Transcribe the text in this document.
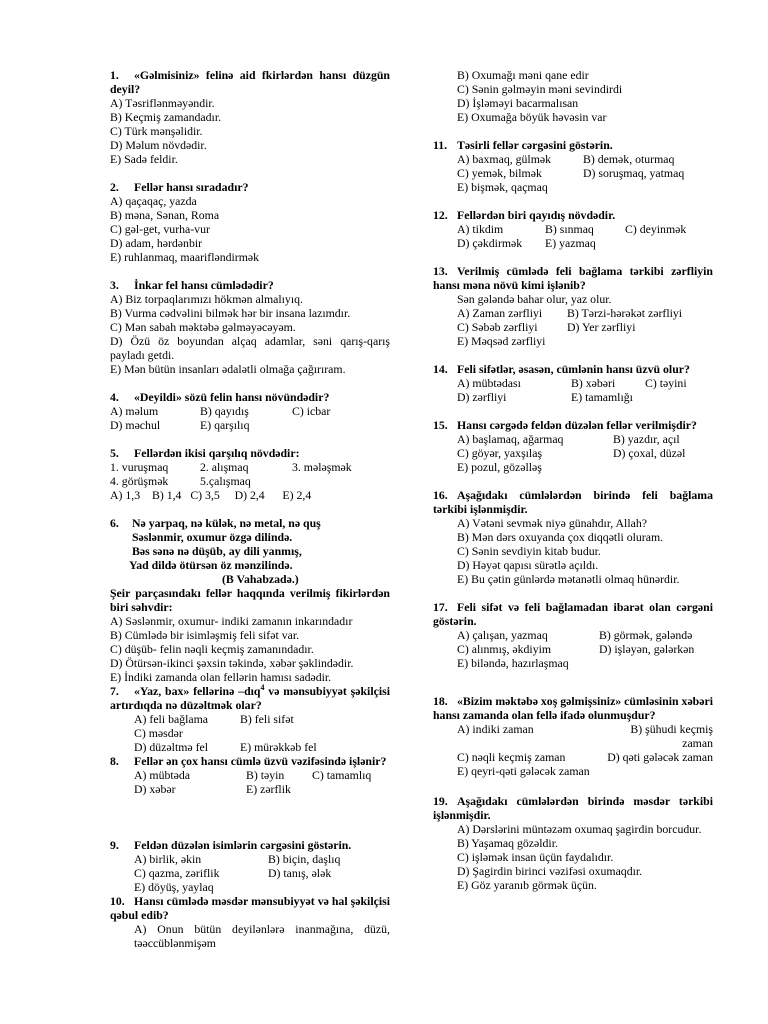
1. «Gəlmisiniz» felinə aid fkirlərdən hansı düzgün deyil?
A) Təsriflənməyəndir.
B) Keçmiş zamandadır.
C) Türk mənşəlidir.
D) Məlum növdədir.
E) Sadə feldir.
2. Fellər hansı sıradadır?
A) qaçaqaç, yazda
B) məna, Sənan, Roma
C) gəl-get, vurha-vur
D) adam, hərdənbir
E) ruhlanmaq, maarifləndirmək
3. İnkar fel hansı cümlədədir?
A) Biz torpaqlarımızı hökmən almalıyıq.
B) Vurma cədvəlini bilmək hər bir insana lazımdır.
C) Mən sabah məktəbə gəlməyəcəyəm.
D) Özü öz boyundan alçaq adamlar, səni qarış-qarış payladı getdi.
E) Mən bütün insanları ədalətli olmağa çağırıram.
4. «Deyildi» sözü felin hansı növündədir?
A) məlum	B) qayıdış	C) icbar
D) məchul	E) qarşılıq
5. Fellərdən ikisi qarşılıq növdədir:
1. vuruşmaq	2. alışmaq	3. mələşmək
4. görüşmək	5.çalışmaq
A) 1,3 B) 1,4 C) 3,5 D) 2,4 E) 2,4
6. Nə yarpaq, nə külək, nə metal, nə quş
Səslənmir, oxumur özgə dilində.
Bəs sənə nə düşüb, ay dili yanmış,
Yad dildə ötürsən öz mənzilində.
(B Vahabzadə.)
Şeir parçasındakı fellər haqqında verilmiş fikirlərdən biri səhvdir:
A) Səslənmir, oxumur- indiki zamanın inkarındadır
B) Cümlədə bir isimləşmiş feli sifət var.
C) düşüb- felin nəqli keçmiş zamanındadır.
D) Ötürsən-ikinci şəxsin təkində, xəbər şəklindədir.
E) İndiki zamanda olan fellərin hamısı sadədir.
7. «Yaz, bax» fellərinə –dıq$^4$ və mənsubiyyət şəkilçisi artırdıqda nə düzəltmək olar?
A) feli bağlama	B) feli sifət
C) məsdər
D) düzəltmə fel	E) mürəkkəb fel
8. Fellər ən çox hansı cümlə üzvü vəzifəsində işlənir?
A) mübtəda	B) təyin	C) tamamlıq
D) xəbər	E) zərflik
9. Feldən düzələn isimlərin cərgəsini göstərin.
A) birlik, əkin	B) biçin, daşlıq
C) qazma, zəriflik	D) tanış, ələk
E) döyüş, yaylaq
10. Hansı cümlədə məsdər mənsubiyyət və hal şəkilçisi qəbul edib?
A) Onun bütün deyilənlərə inanmağına, düzü, təəccüblənmişəm
B) Oxumağı məni qane edir
C) Sənin gəlməyin məni sevindirdi
D) İşləməyi bacarmalısan
E) Oxumağa böyük həvəsin var
11. Təsirli fellər cərgəsini göstərin.
A) baxmaq, gülmək	B) demək, oturmaq
C) yemək, bilmək	D) soruşmaq, yatmaq
E) bişmək, qaçmaq
12. Fellərdən biri qayıdış növdədir.
A) tikdim	B) sınmaq	C) deyinmək
D) çəkdirmək	E) yazmaq
13. Verilmiş cümlədə feli bağlama tərkibi zərfliyin hansı məna növü kimi işlənib?
Sən gələndə bahar olur, yaz olur.
A) Zaman zərfliyi	B) Tərzi-hərəkət zərfliyi
C) Səbəb zərfliyi	D) Yer zərfliyi
E) Məqsəd zərfliyi
14. Feli sifətlər, əsasən, cümlənin hansı üzvü olur?
A) mübtədası	B) xəbəri	C) təyini
D) zərfliyi	E) tamamlığı
15. Hansı cərgədə feldən düzələn fellər verilmişdir?
A) başlamaq, ağarmaq	B) yazdır, açıl
C) göyər, yaxşılaş	D) çoxal, düzəl
E) pozul, gözəlləş
16. Aşağıdakı cümlələrdən birində feli bağlama tərkibi işlənmişdir.
A) Vətəni sevmək niyə günahdır, Allah?
B) Mən dərs oxuyanda çox diqqətli oluram.
C) Sənin sevdiyin kitab budur.
D) Həyət qapısı sürətlə açıldı.
E) Bu çətin günlərdə mətanətli olmaq hünərdir.
17. Feli sifət və feli bağlamadan ibarət olan cərgəni göstərin.
A) çalışan, yazmaq	B) görmək, gələndə
C) alınmış, əkdiyim	D) işləyən, gələrkən
E) biləndə, hazırlaşmaq
18. «Bizim məktəbə xoş gəlmişsiniz» cümləsinin xəbəri hansı zamanda olan fellə ifadə olunmuşdur?
A) indiki zaman	B) şühudi keçmiş zaman
C) nəqli keçmiş zaman	D) qəti gələcək zaman
E) qeyri-qəti gələcək zaman
19. Aşağıdakı cümlələrdən birində məsdər tərkibi işlənmişdir.
A) Dərslərini müntəzəm oxumaq şagirdin borcudur.
B) Yaşamaq gözəldir.
C) işləmək insan üçün faydalıdır.
D) Şagirdin birinci vəzifəsi oxumaqdır.
E) Göz yaranıb görmək üçün.
